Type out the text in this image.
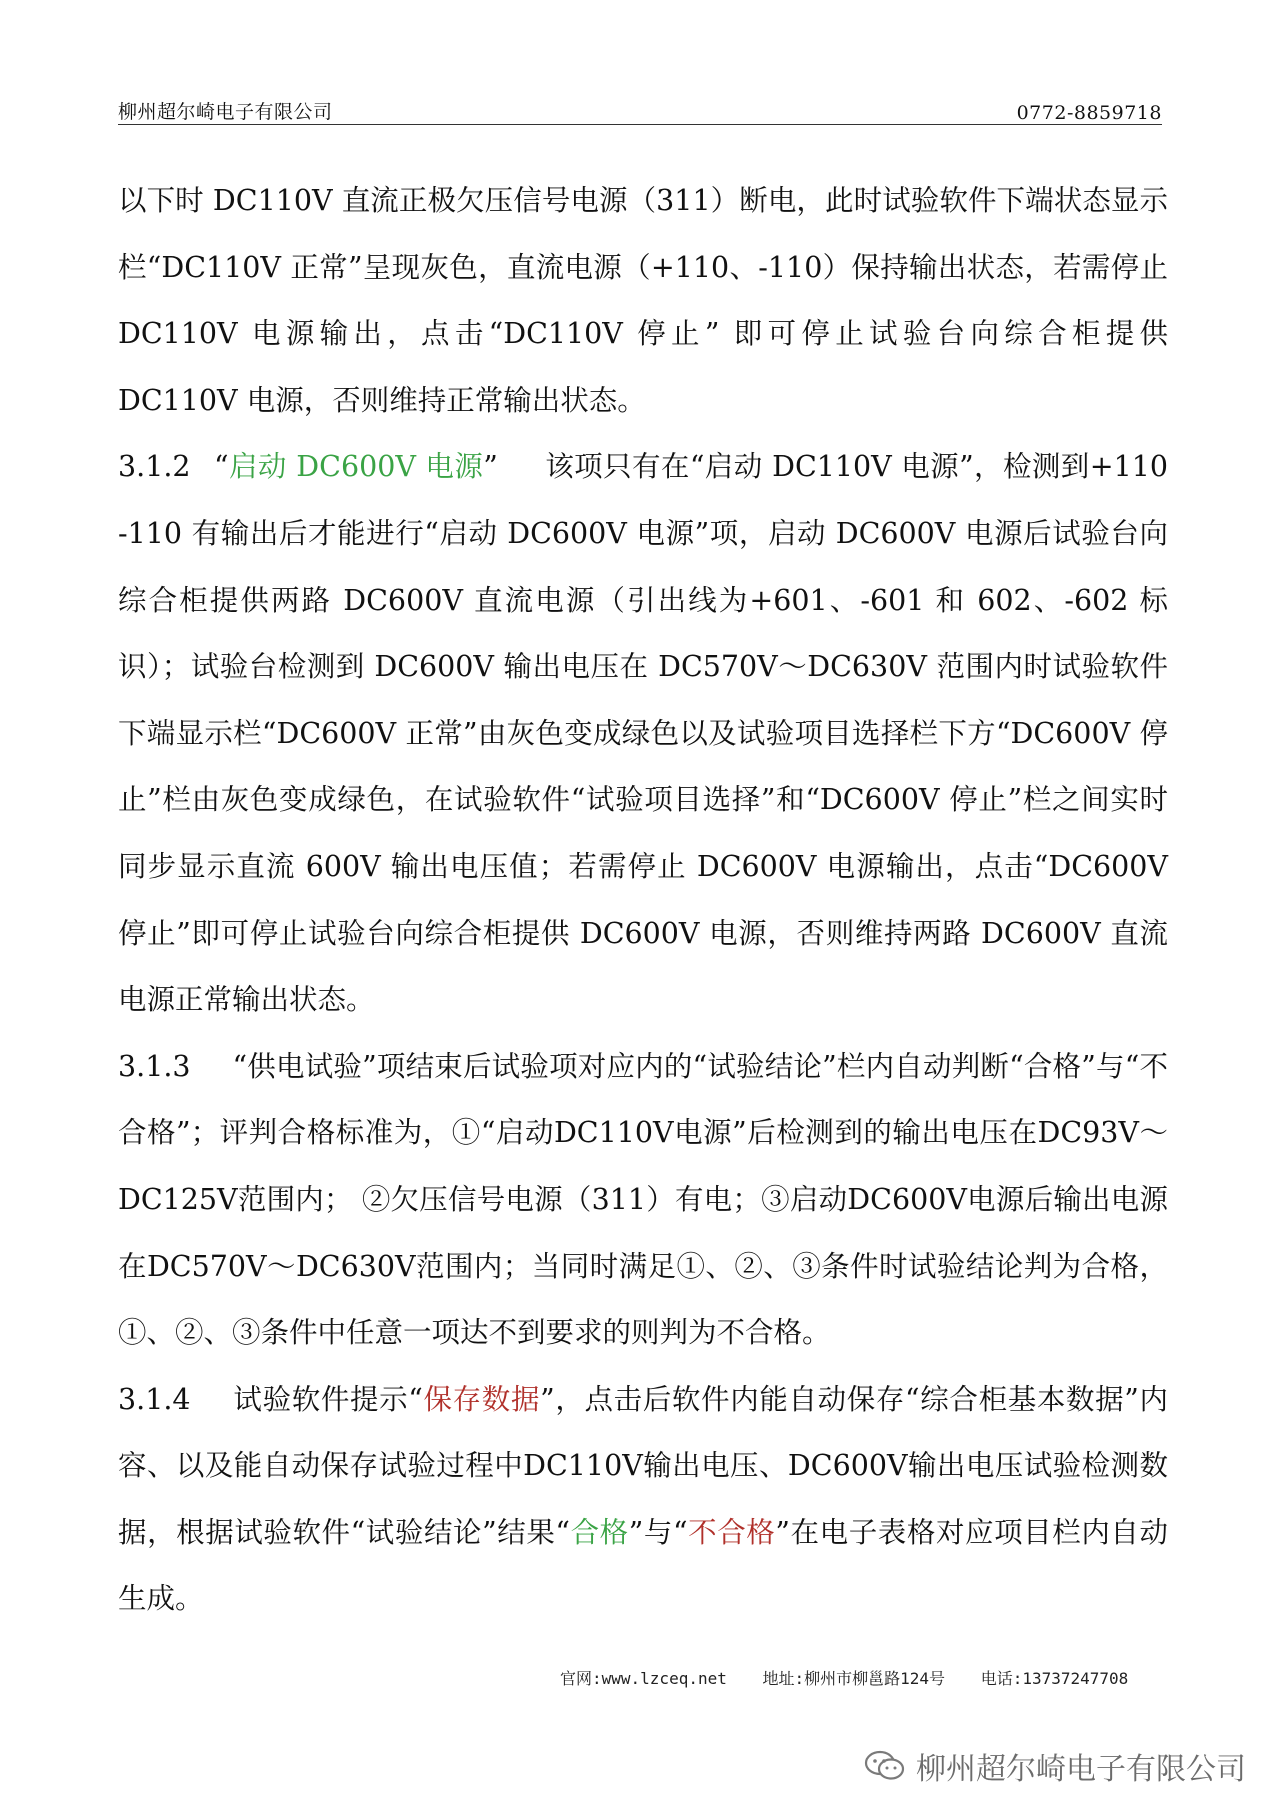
柳州超尔崎电子有限公司	0772-8859718

以下时 DC110V 直流正极欠压信号电源（311）断电，此时试验软件下端状态显示栏“DC110V 正常”呈现灰色，直流电源（+110、-110）保持输出状态，若需停止 DC110V 电源输出，点击“DC110V 停止” 即可停止试验台向综合柜提供 DC110V 电源，否则维持正常输出状态。

3.1.2 “启动 DC600V 电源” 该项只有在“启动 DC110V 电源”，检测到+110 -110 有输出后才能进行“启动 DC600V 电源”项，启动 DC600V 电源后试验台向综合柜提供两路 DC600V 直流电源（引出线为+601、-601 和 602、-602 标识）；试验台检测到 DC600V 输出电压在 DC570V～DC630V 范围内时试验软件下端显示栏“DC600V 正常”由灰色变成绿色以及试验项目选择栏下方“DC600V 停止”栏由灰色变成绿色，在试验软件“试验项目选择”和“DC600V 停止”栏之间实时同步显示直流 600V 输出电压值；若需停止 DC600V 电源输出，点击“DC600V 停止”即可停止试验台向综合柜提供 DC600V 电源，否则维持两路 DC600V 直流电源正常输出状态。

3.1.3 “供电试验”项结束后试验项对应内的“试验结论”栏内自动判断“合格”与“不合格”；评判合格标准为，①“启动DC110V电源”后检测到的输出电压在DC93V～DC125V范围内； ②欠压信号电源（311）有电；③启动DC600V电源后输出电源在DC570V～DC630V范围内；当同时满足①、②、③条件时试验结论判为合格，①、②、③条件中任意一项达不到要求的则判为不合格。

3.1.4 试验软件提示“保存数据”，点击后软件内能自动保存“综合柜基本数据”内容、以及能自动保存试验过程中DC110V输出电压、DC600V输出电压试验检测数据，根据试验软件“试验结论”结果“合格”与“不合格”在电子表格对应项目栏内自动生成。

官网:www.lzceq.net 地址:柳州市柳邕路124号 电话:13737247708
柳州超尔崎电子有限公司
